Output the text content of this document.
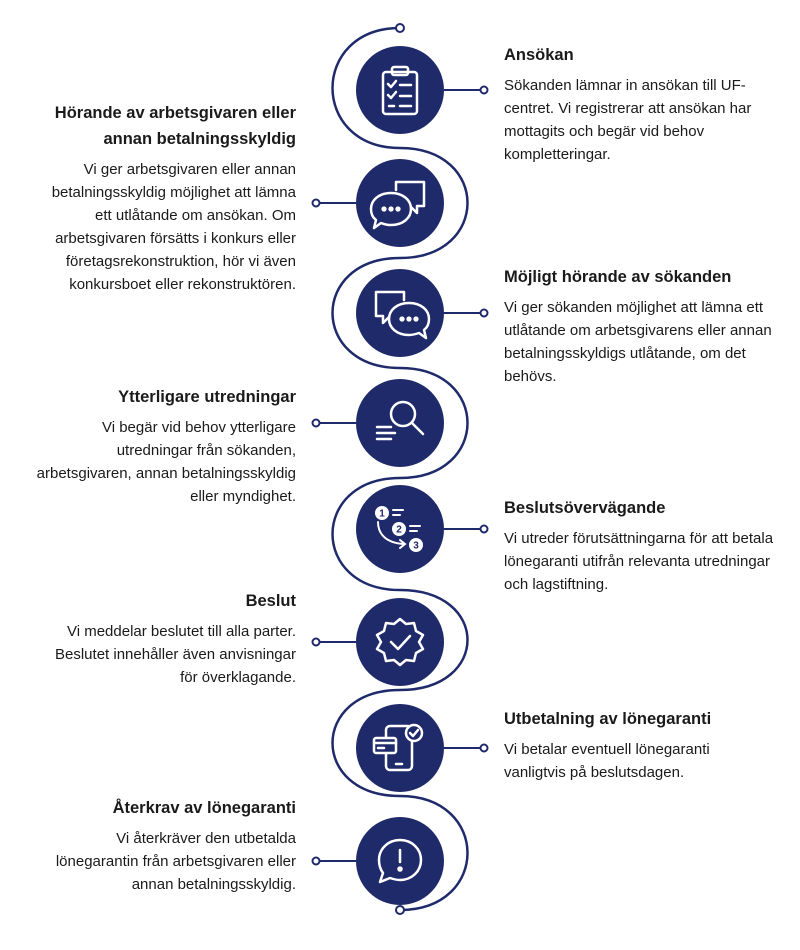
1
2
3
Ansökan

Sökanden lämnar in ansökan till UF-centret. Vi registrerar att ansökan har mottagits och begär vid behov kompletteringar.

Hörande av arbetsgivaren eller annan betalningsskyldig

Vi ger arbetsgivaren eller annan betalningsskyldig möjlighet att lämna ett utlåtande om ansökan. Om arbetsgivaren försätts i konkurs eller företagsrekonstruktion, hör vi även konkursboet eller rekonstruktören.	Möjligt hörande av sökanden

Vi ger sökanden möjlighet att lämna ett utlåtande om arbetsgivarens eller annan betalningsskyldigs utlåtande, om det behövs.

Ytterligare utredningar

Vi begär vid behov ytterligare utredningar från sökanden, arbetsgivaren, annan betalningsskyldig eller myndighet.

Beslutsövervägande

Vi utreder förutsättningarna för att betala lönegaranti utifrån relevanta utredningar och lagstiftning.

Beslut

Vi meddelar beslutet till alla parter. Beslutet innehåller även anvisningar för överklagande.

Utbetalning av lönegaranti

Vi betalar eventuell lönegaranti vanligtvis på beslutsdagen.

Återkrav av lönegaranti

Vi återkräver den utbetalda lönegarantin från arbetsgivaren eller annan betalningsskyldig.
